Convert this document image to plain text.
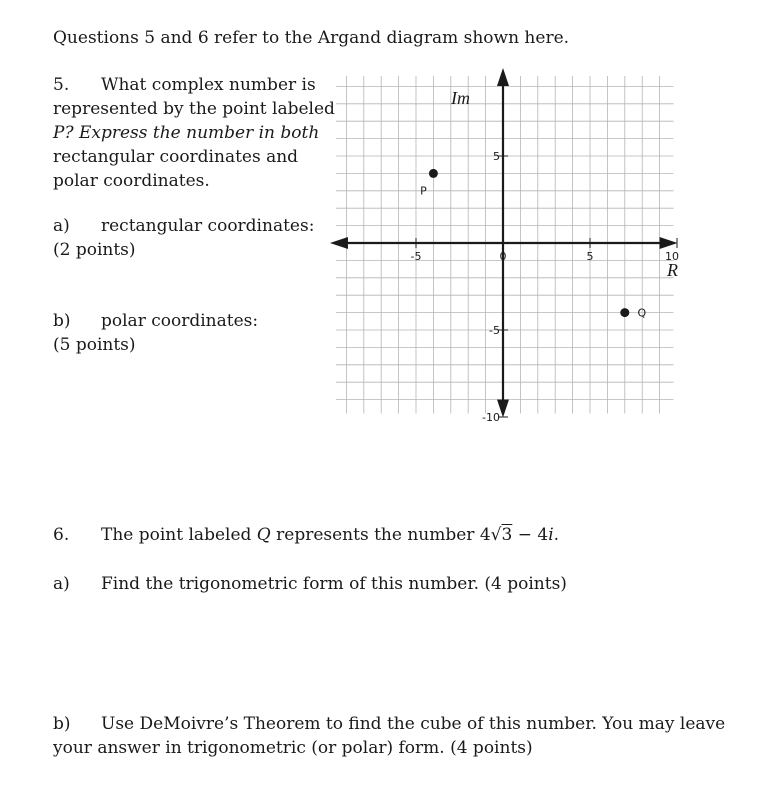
Questions 5 and 6 refer to the Argand diagram shown here.
5. What complex number is
represented by the point labeled
P? Express the number in both
rectangular coordinates and
polar coordinates.
a) rectangular coordinates:
(2 points)
b) polar coordinates:
(5 points)
-5	0	5	10
5
-5
-10
R
Im
P
Q
6. The point labeled Q represents the number 4√3 − 4i.
a) Find the trigonometric form of this number. (4 points)
b) Use DeMoivre’s Theorem to find the cube of this number. You may leave
your answer in trigonometric (or polar) form. (4 points)
